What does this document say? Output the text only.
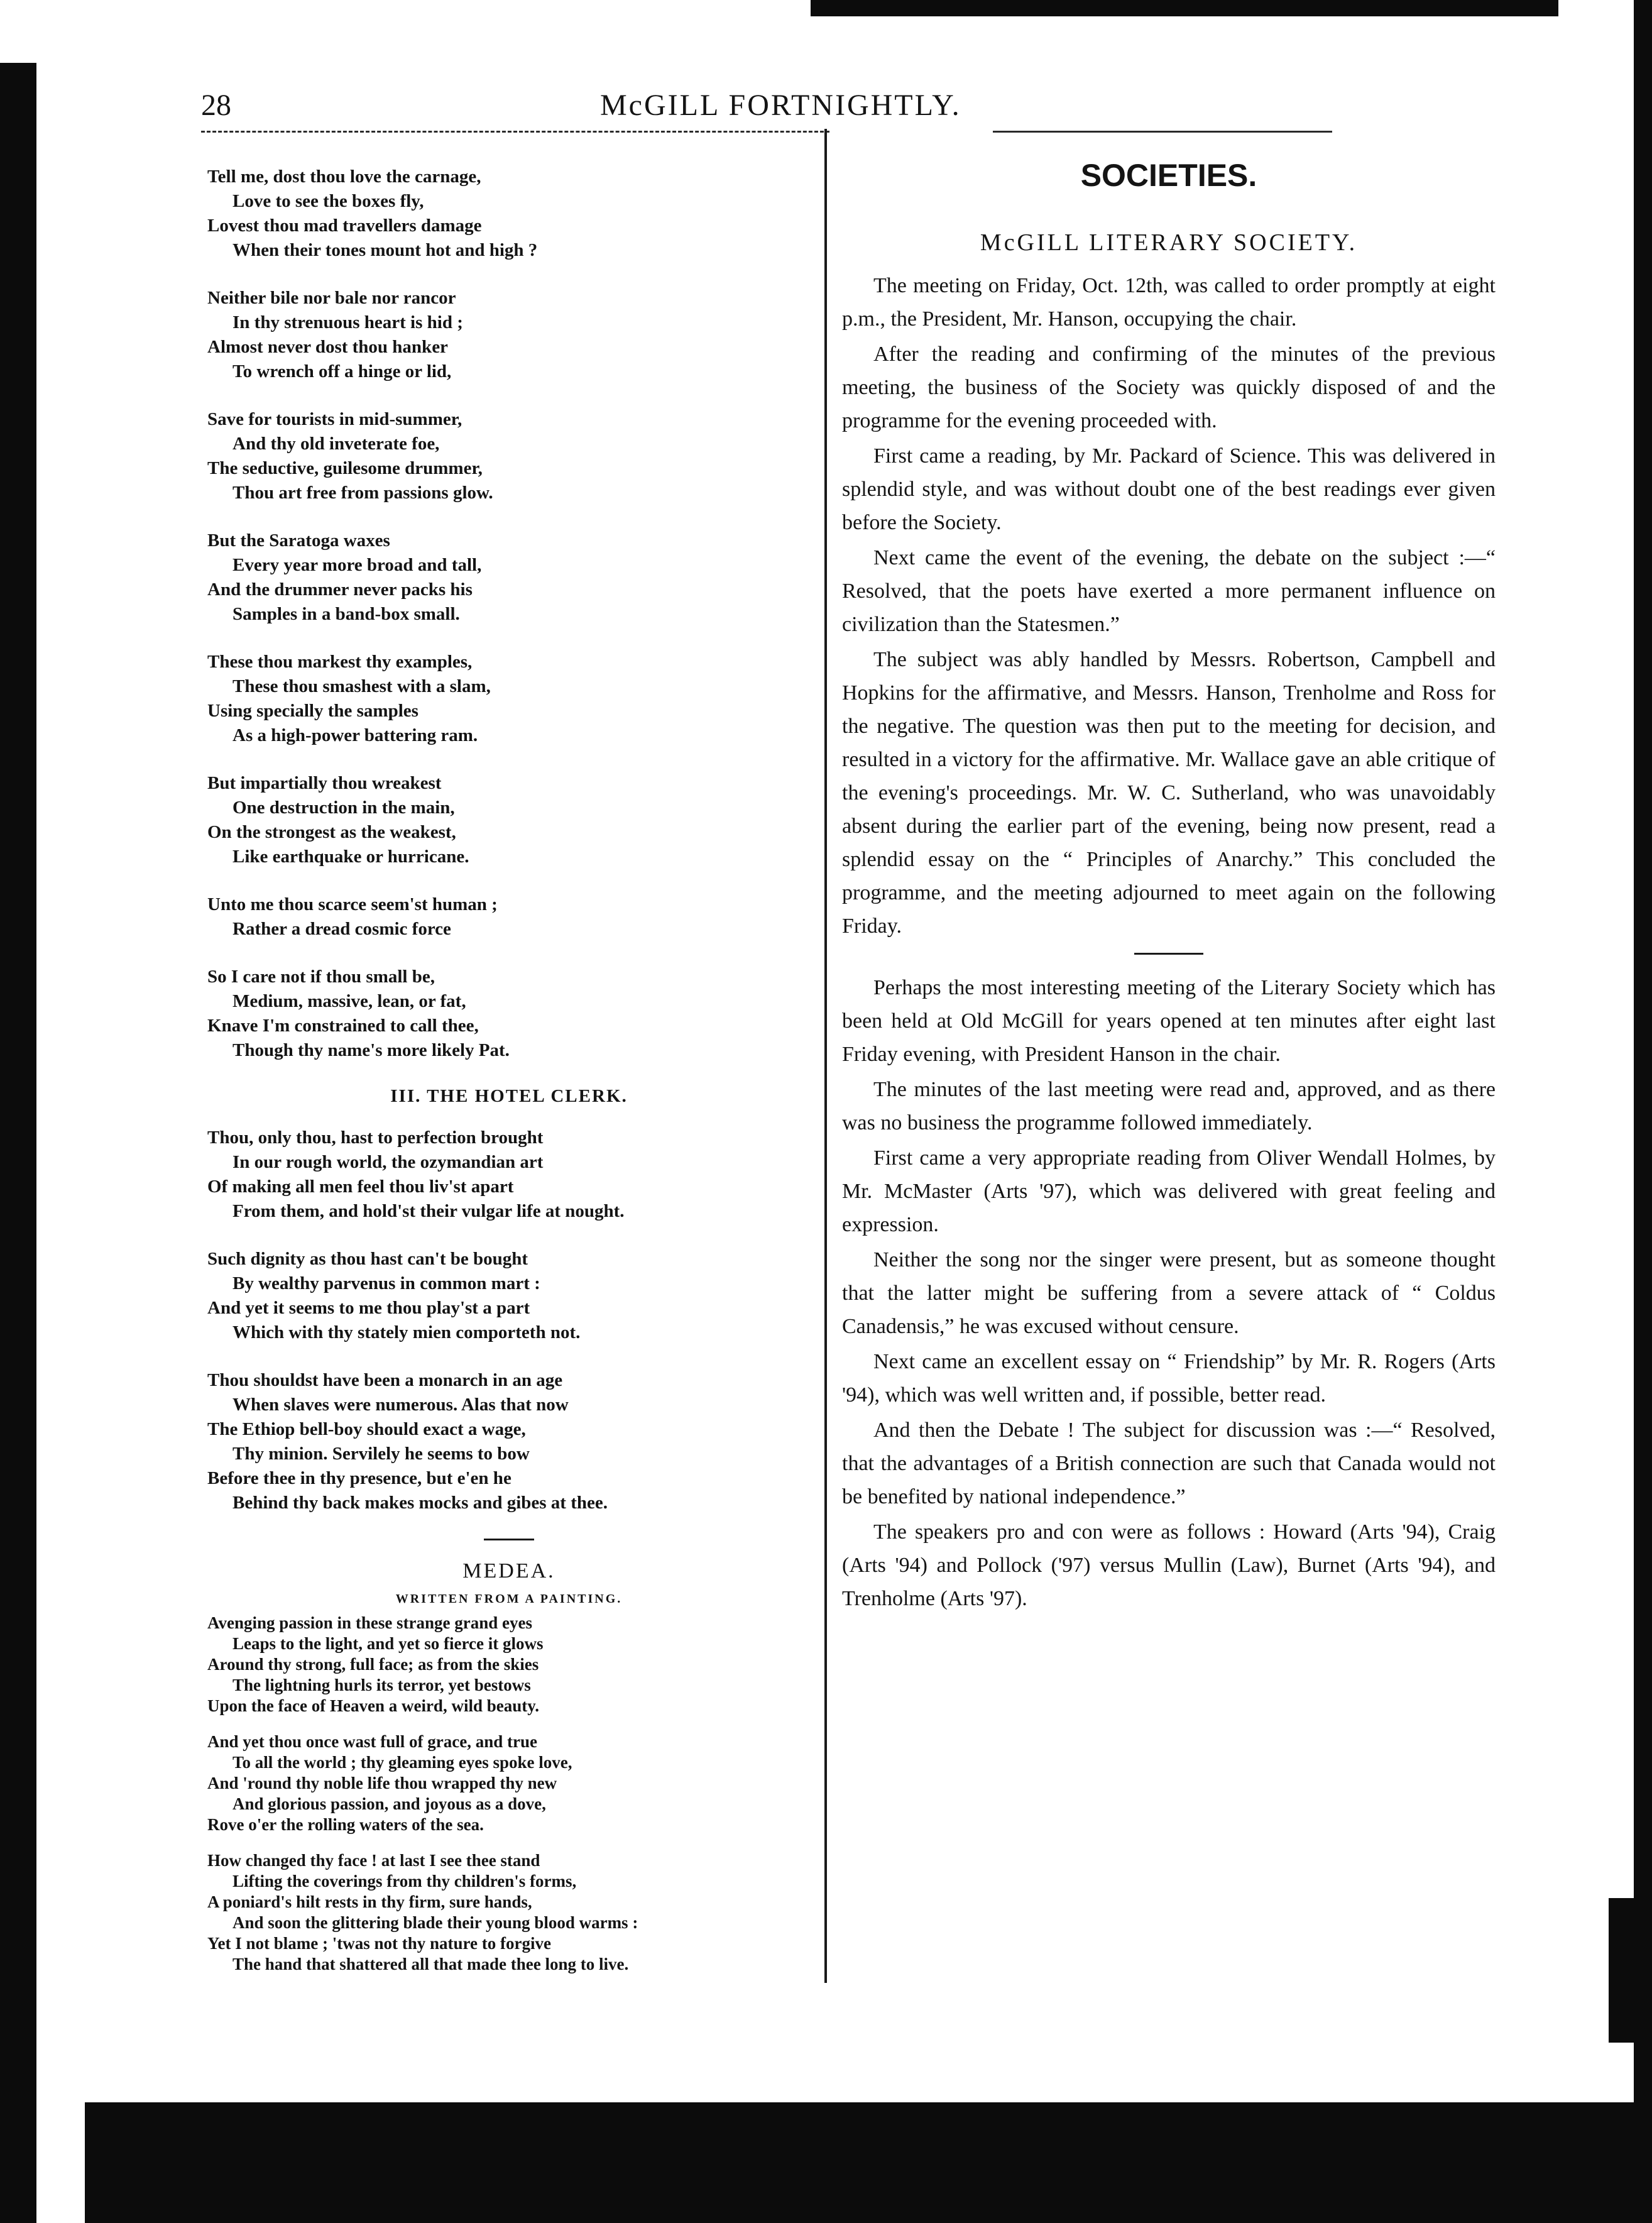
28	McGILL FORTNIGHTLY.
Tell me, dost thou love the carnage,
Love to see the boxes fly,
Lovest thou mad travellers damage
When their tones mount hot and high ?
Neither bile nor bale nor rancor
In thy strenuous heart is hid ;
Almost never dost thou hanker
To wrench off a hinge or lid,
Save for tourists in mid-summer,
And thy old inveterate foe,
The seductive, guilesome drummer,
Thou art free from passions glow.
But the Saratoga waxes
Every year more broad and tall,
And the drummer never packs his
Samples in a band-box small.
These thou markest thy examples,
These thou smashest with a slam,
Using specially the samples
As a high-power battering ram.
But impartially thou wreakest
One destruction in the main,
On the strongest as the weakest,
Like earthquake or hurricane.
Unto me thou scarce seem'st human ;
Rather a dread cosmic force
So I care not if thou small be,
Medium, massive, lean, or fat,
Knave I'm constrained to call thee,
Though thy name's more likely Pat.
III. THE HOTEL CLERK.
Thou, only thou, hast to perfection brought
In our rough world, the ozymandian art
Of making all men feel thou liv'st apart
From them, and hold'st their vulgar life at nought.
Such dignity as thou hast can't be bought
By wealthy parvenus in common mart :
And yet it seems to me thou play'st a part
Which with thy stately mien comporteth not.
Thou shouldst have been a monarch in an age
When slaves were numerous. Alas that now
The Ethiop bell-boy should exact a wage,
Thy minion. Servilely he seems to bow
Before thee in thy presence, but e'en he
Behind thy back makes mocks and gibes at thee.
MEDEA.
WRITTEN FROM A PAINTING.
Avenging passion in these strange grand eyes
Leaps to the light, and yet so fierce it glows
Around thy strong, full face; as from the skies
The lightning hurls its terror, yet bestows
Upon the face of Heaven a weird, wild beauty.
And yet thou once wast full of grace, and true
To all the world ; thy gleaming eyes spoke love,
And 'round thy noble life thou wrapped thy new
And glorious passion, and joyous as a dove,
Rove o'er the rolling waters of the sea.
How changed thy face ! at last I see thee stand
Lifting the coverings from thy children's forms,
A poniard's hilt rests in thy firm, sure hands,
And soon the glittering blade their young blood warms :
Yet I not blame ; 'twas not thy nature to forgive
The hand that shattered all that made thee long to live.
SOCIETIES.
McGILL LITERARY SOCIETY.

The meeting on Friday, Oct. 12th, was called to order promptly at eight p.m., the President, Mr. Hanson, occupying the chair.

After the reading and confirming of the minutes of the previous meeting, the business of the Society was quickly disposed of and the programme for the evening proceeded with.

First came a reading, by Mr. Packard of Science. This was delivered in splendid style, and was without doubt one of the best readings ever given before the Society.

Next came the event of the evening, the debate on the subject :—“ Resolved, that the poets have exerted a more permanent influence on civilization than the Statesmen.”

The subject was ably handled by Messrs. Robertson, Campbell and Hopkins for the affirmative, and Messrs. Hanson, Trenholme and Ross for the negative. The question was then put to the meeting for decision, and resulted in a victory for the affirmative. Mr. Wallace gave an able critique of the evening's proceedings. Mr. W. C. Sutherland, who was unavoidably absent during the earlier part of the evening, being now present, read a splendid essay on the “ Principles of Anarchy.” This concluded the programme, and the meeting adjourned to meet again on the following Friday.

Perhaps the most interesting meeting of the Literary Society which has been held at Old McGill for years opened at ten minutes after eight last Friday evening, with President Hanson in the chair.

The minutes of the last meeting were read and, approved, and as there was no business the programme followed immediately.

First came a very appropriate reading from Oliver Wendall Holmes, by Mr. McMaster (Arts '97), which was delivered with great feeling and expression.

Neither the song nor the singer were present, but as someone thought that the latter might be suffering from a severe attack of “ Coldus Canadensis,” he was excused without censure.

Next came an excellent essay on “ Friendship” by Mr. R. Rogers (Arts '94), which was well written and, if possible, better read.

And then the Debate ! The subject for discussion was :—“ Resolved, that the advantages of a British connection are such that Canada would not be benefited by national independence.”

The speakers pro and con were as follows : Howard (Arts '94), Craig (Arts '94) and Pollock ('97) versus Mullin (Law), Burnet (Arts '94), and Trenholme (Arts '97).
